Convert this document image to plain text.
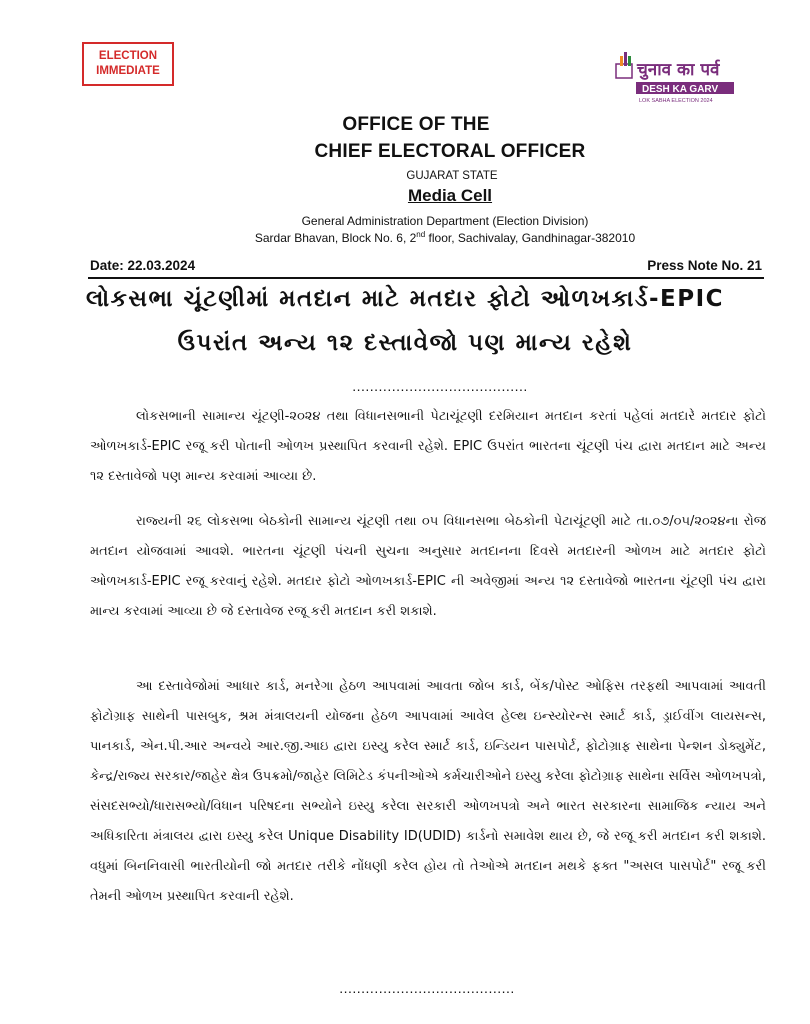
ELECTION
IMMEDIATE	चुनाव का पर्व
DESH KA GARV
LOK SABHA ELECTION 2024
OFFICE OF THE
CHIEF ELECTORAL OFFICER
GUJARAT STATE
Media Cell
General Administration Department (Election Division)
Sardar Bhavan, Block No. 6, 2nd floor, Sachivalay, Gandhinagar-382010
Date: 22.03.2024	Press Note No. 21
લોકસભા ચૂંટણીમાં મતદાન માટે મતદાર ફોટો ઓળખકાર્ડ-EPIC
ઉપરાંત અન્ય ૧૨ દસ્તાવેજો પણ માન્ય રહેશે
........................................
લોકસભાની સામાન્ય ચૂંટણી-૨૦૨૪ તથા વિધાનસભાની પેટાચૂંટણી દરમિયાન મતદાન કરતાં પહેલાં મતદારે મતદાર ફોટો ઓળખકાર્ડ-EPIC રજૂ કરી પોતાની ઓળખ પ્રસ્થાપિત કરવાની રહેશે. EPIC ઉપરાંત ભારતના ચૂંટણી પંચ દ્વારા મતદાન માટે અન્ય ૧૨ દસ્તાવેજો પણ માન્ય કરવામાં આવ્યા છે.
રાજ્યની ૨૬ લોકસભા બેઠકોની સામાન્ય ચૂંટણી તથા ૦૫ વિધાનસભા બેઠકોની પેટાચૂંટણી માટે તા.૦૭/૦૫/૨૦૨૪ના રોજ મતદાન યોજવામાં આવશે. ભારતના ચૂંટણી પંચની સુચના અનુસાર મતદાનના દિવસે મતદારની ઓળખ માટે મતદાર ફોટો ઓળખકાર્ડ-EPIC રજૂ કરવાનું રહેશે. મતદાર ફોટો ઓળખકાર્ડ-EPIC ની અવેજીમાં અન્ય ૧૨ દસ્તાવેજો ભારતના ચૂંટણી પંચ દ્વારા માન્ય કરવામાં આવ્યા છે જે દસ્તાવેજ રજૂ કરી મતદાન કરી શકાશે.
આ દસ્તાવેજોમાં આધાર કાર્ડ, મનરેગા હેઠળ આપવામાં આવતા જોબ કાર્ડ, બેંક/પોસ્ટ ઓફિસ તરફથી આપવામાં આવતી ફોટોગ્રાફ સાથેની પાસબુક, શ્રમ મંત્રાલયની યોજના હેઠળ આપવામાં આવેલ હેલ્થ ઇન્સ્યોરન્સ સ્માર્ટ કાર્ડ, ડ્રાઈવીંગ લાયસન્સ, પાનકાર્ડ, એન.પી.આર અન્વયે આર.જી.આઇ દ્વારા ઇસ્યુ કરેલ સ્માર્ટ કાર્ડ, ઇન્ડિયન પાસપોર્ટ, ફોટોગ્રાફ સાથેના પેન્શન ડોક્યુમેંટ, કેન્દ્ર/રાજ્ય સરકાર/જાહેર ક્ષેત્ર ઉપક્રમો/જાહેર લિમિટેડ કંપનીઓએ કર્મચારીઓને ઇસ્યુ કરેલા ફોટોગ્રાફ સાથેના સર્વિસ ઓળખપત્રો, સંસદસભ્યો/ધારાસભ્યો/વિધાન પરિષદના સભ્યોને ઇસ્યુ કરેલા સરકારી ઓળખપત્રો અને ભારત સરકારના સામાજિક ન્યાય અને અધિકારિતા મંત્રાલય દ્વારા ઇસ્યુ કરેલ Unique Disability ID(UDID) કાર્ડનો સમાવેશ થાય છે, જે રજૂ કરી મતદાન કરી શકાશે. વધુમાં બિનનિવાસી ભારતીયોની જો મતદાર તરીકે નોંધણી કરેલ હોય તો તેઓએ મતદાન મથકે ફક્ત "અસલ પાસપોર્ટ" રજૂ કરી તેમની ઓળખ પ્રસ્થાપિત કરવાની રહેશે.
........................................
